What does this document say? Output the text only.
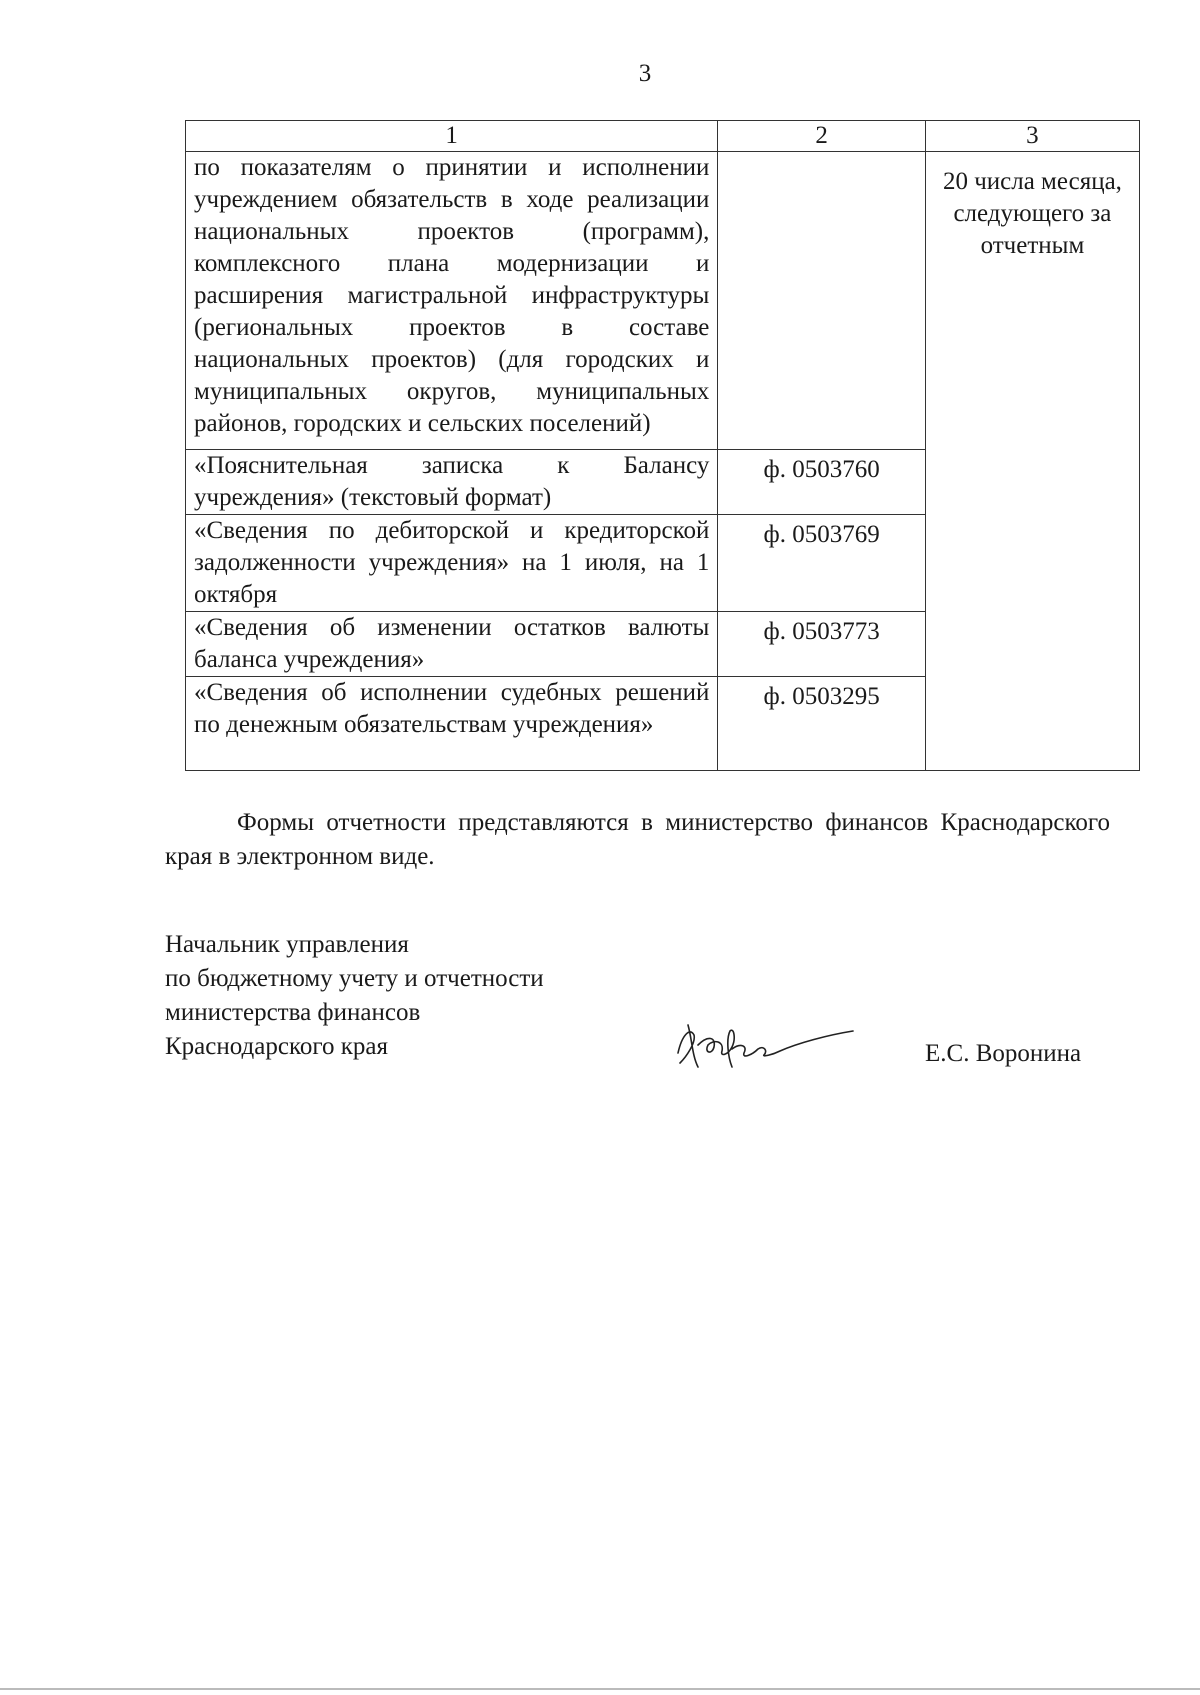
3
1	2	3
по показателям о принятии и исполнении учреждением обязательств в ходе реализации национальных проектов (программ), комплексного плана модернизации и расширения магистральной инфраструктуры (региональных проектов в составе национальных проектов) (для городских и муниципальных округов, муниципальных районов, городских и сельских поселений)		20 числа месяца, следующего за отчетным
«Пояснительная записка к Балансу учреждения» (текстовый формат)	ф. 0503760	
«Сведения по дебиторской и кредиторской задолженности учреждения» на 1 июля, на 1 октября	ф. 0503769	
«Сведения об изменении остатков валюты баланса учреждения»	ф. 0503773	
«Сведения об исполнении судебных решений по денежным обязательствам учреждения»	ф. 0503295	
Формы отчетности представляются в министерство финансов Краснодарского края в электронном виде.
Начальник управления
по бюджетному учету и отчетности
министерства финансов
Краснодарского края	Е.С. Воронина
